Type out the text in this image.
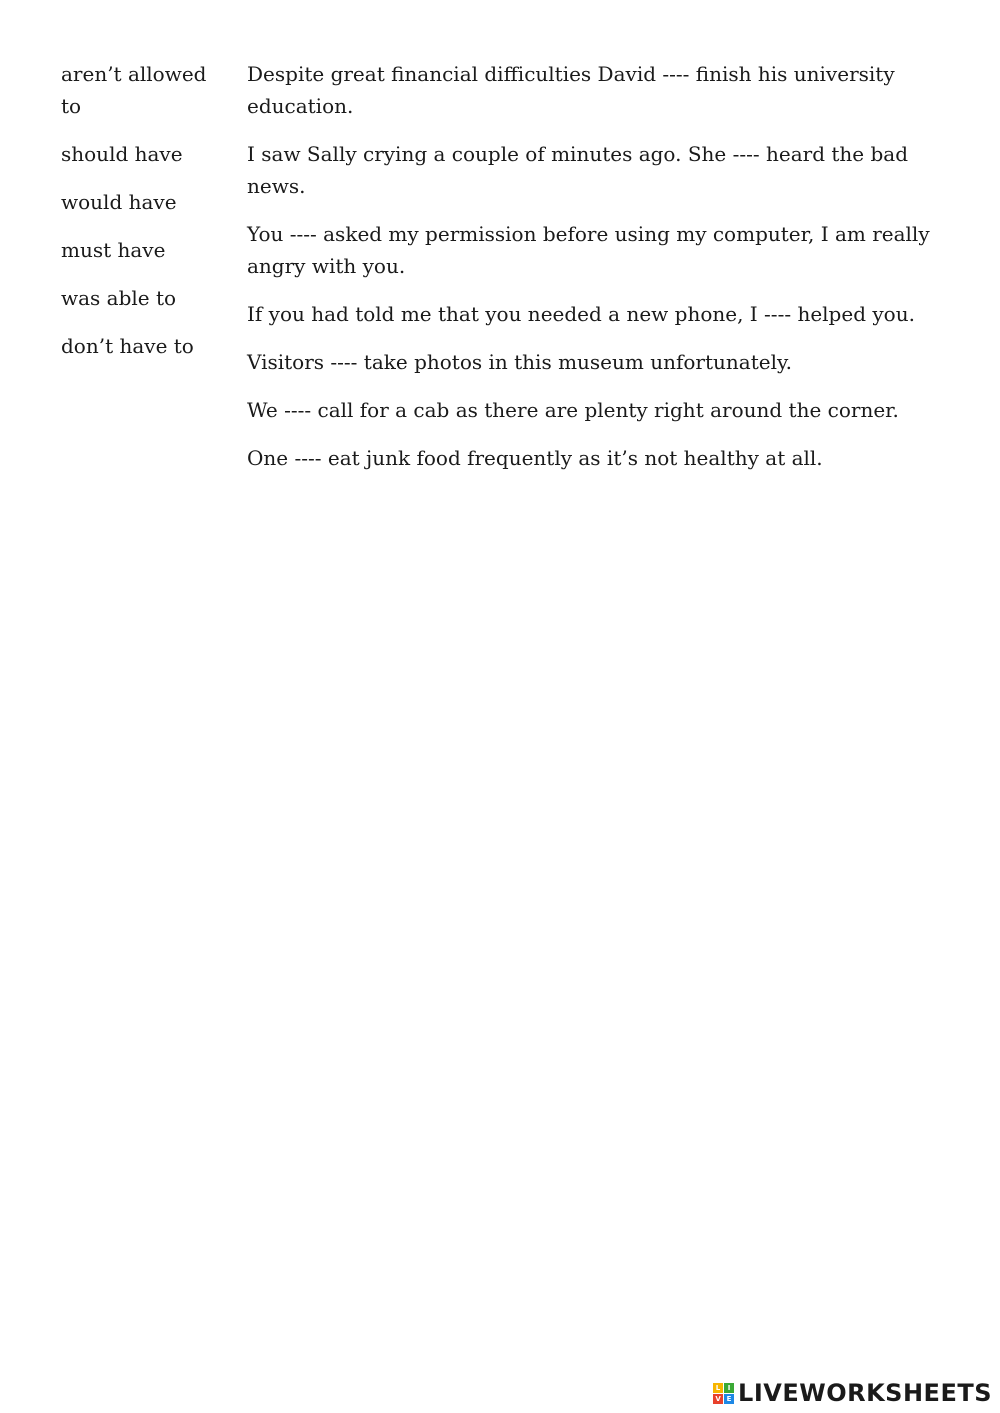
aren’t allowed to
should have
would have
must have
was able to
don’t have to
Despite great financial difficulties David ---- finish his university education.
I saw Sally crying a couple of minutes ago. She ---- heard the bad news.
You ---- asked my permission before using my computer, I am really angry with you.
If you had told me that you needed a new phone, I ---- helped you.
Visitors ---- take photos in this museum unfortunately.
We ---- call for a cab as there are plenty right around the corner.
One ---- eat junk food frequently as it’s not healthy at all.
L	I
V E LIVEWORKSHEETS
